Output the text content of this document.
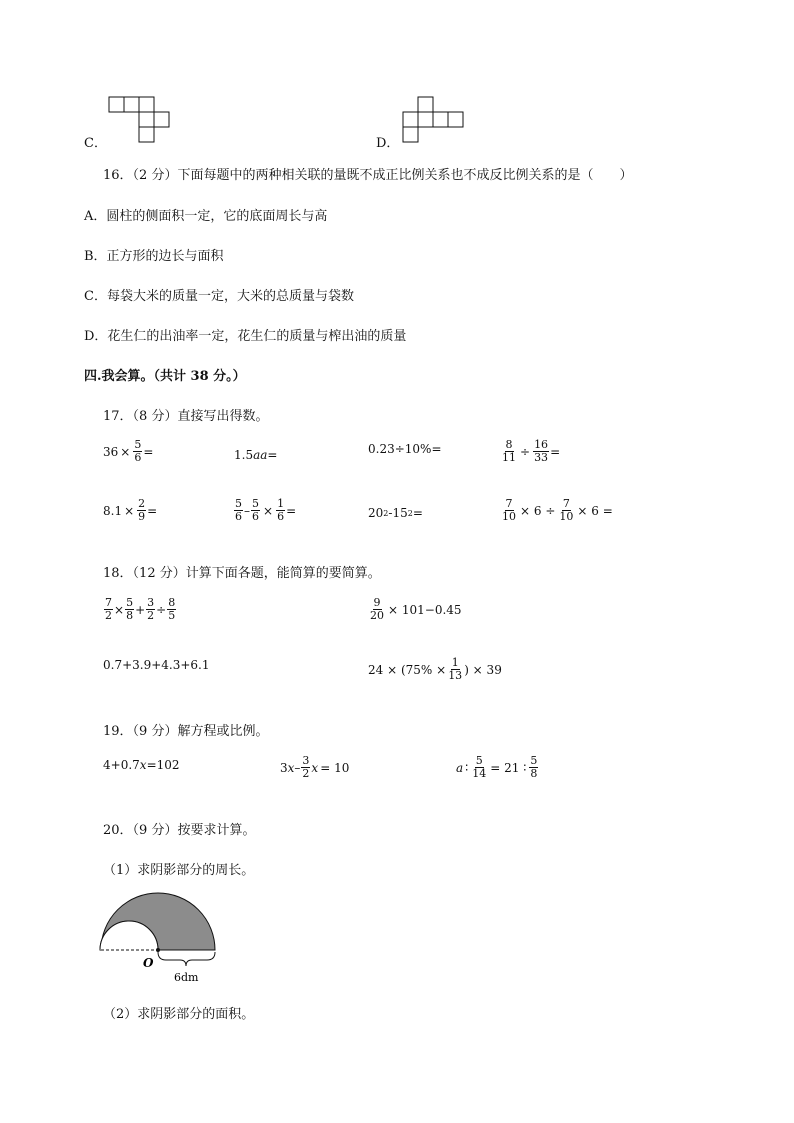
C．	D．
16．（2 分）下面每题中的两种相关联的量既不成正比例关系也不成反比例关系的是（　　）
A．圆柱的侧面积一定，它的底面周长与高
B．正方形的边长与面积
C．每袋大米的质量一定，大米的总质量与袋数
D．花生仁的出油率一定，花生仁的质量与榨出油的质量
四.我会算。（共计 38 分。）
17．（8 分）直接写出得数。
$36 \times \frac{5}{6}$ =	1.5 aa =	0.23÷10%=	$\frac{8}{11} \div \frac{16}{33}$ =
$8.1 \times \frac{2}{9}$ =	$\frac{5}{6} - \frac{5}{6} \times \frac{1}{6}$ =	20 2 - 15 2 =	$\frac{7}{10} \times 6 \div \frac{7}{10} \times 6$ =
18．（12 分）计算下面各题，能简算的要简算。
$\frac{7}{2} \times \frac{5}{8} + \frac{3}{2} \div \frac{8}{5}$	$\frac{9}{20} \times 101-0.45$
0.7+3.9+4.3+6.1	$24 \times (75\% \times \frac{1}{13}$ ) × 39
19．（9 分）解方程或比例。
4+0.7 x =102	3 x – $\frac{3}{2}$ x = 10	a ∶ $\frac{5}{14} = 21$ ∶ $\frac{5}{8}$
20．（9 分）按要求计算。
（1）求阴影部分的周长。
O
6dm
（2）求阴影部分的面积。
